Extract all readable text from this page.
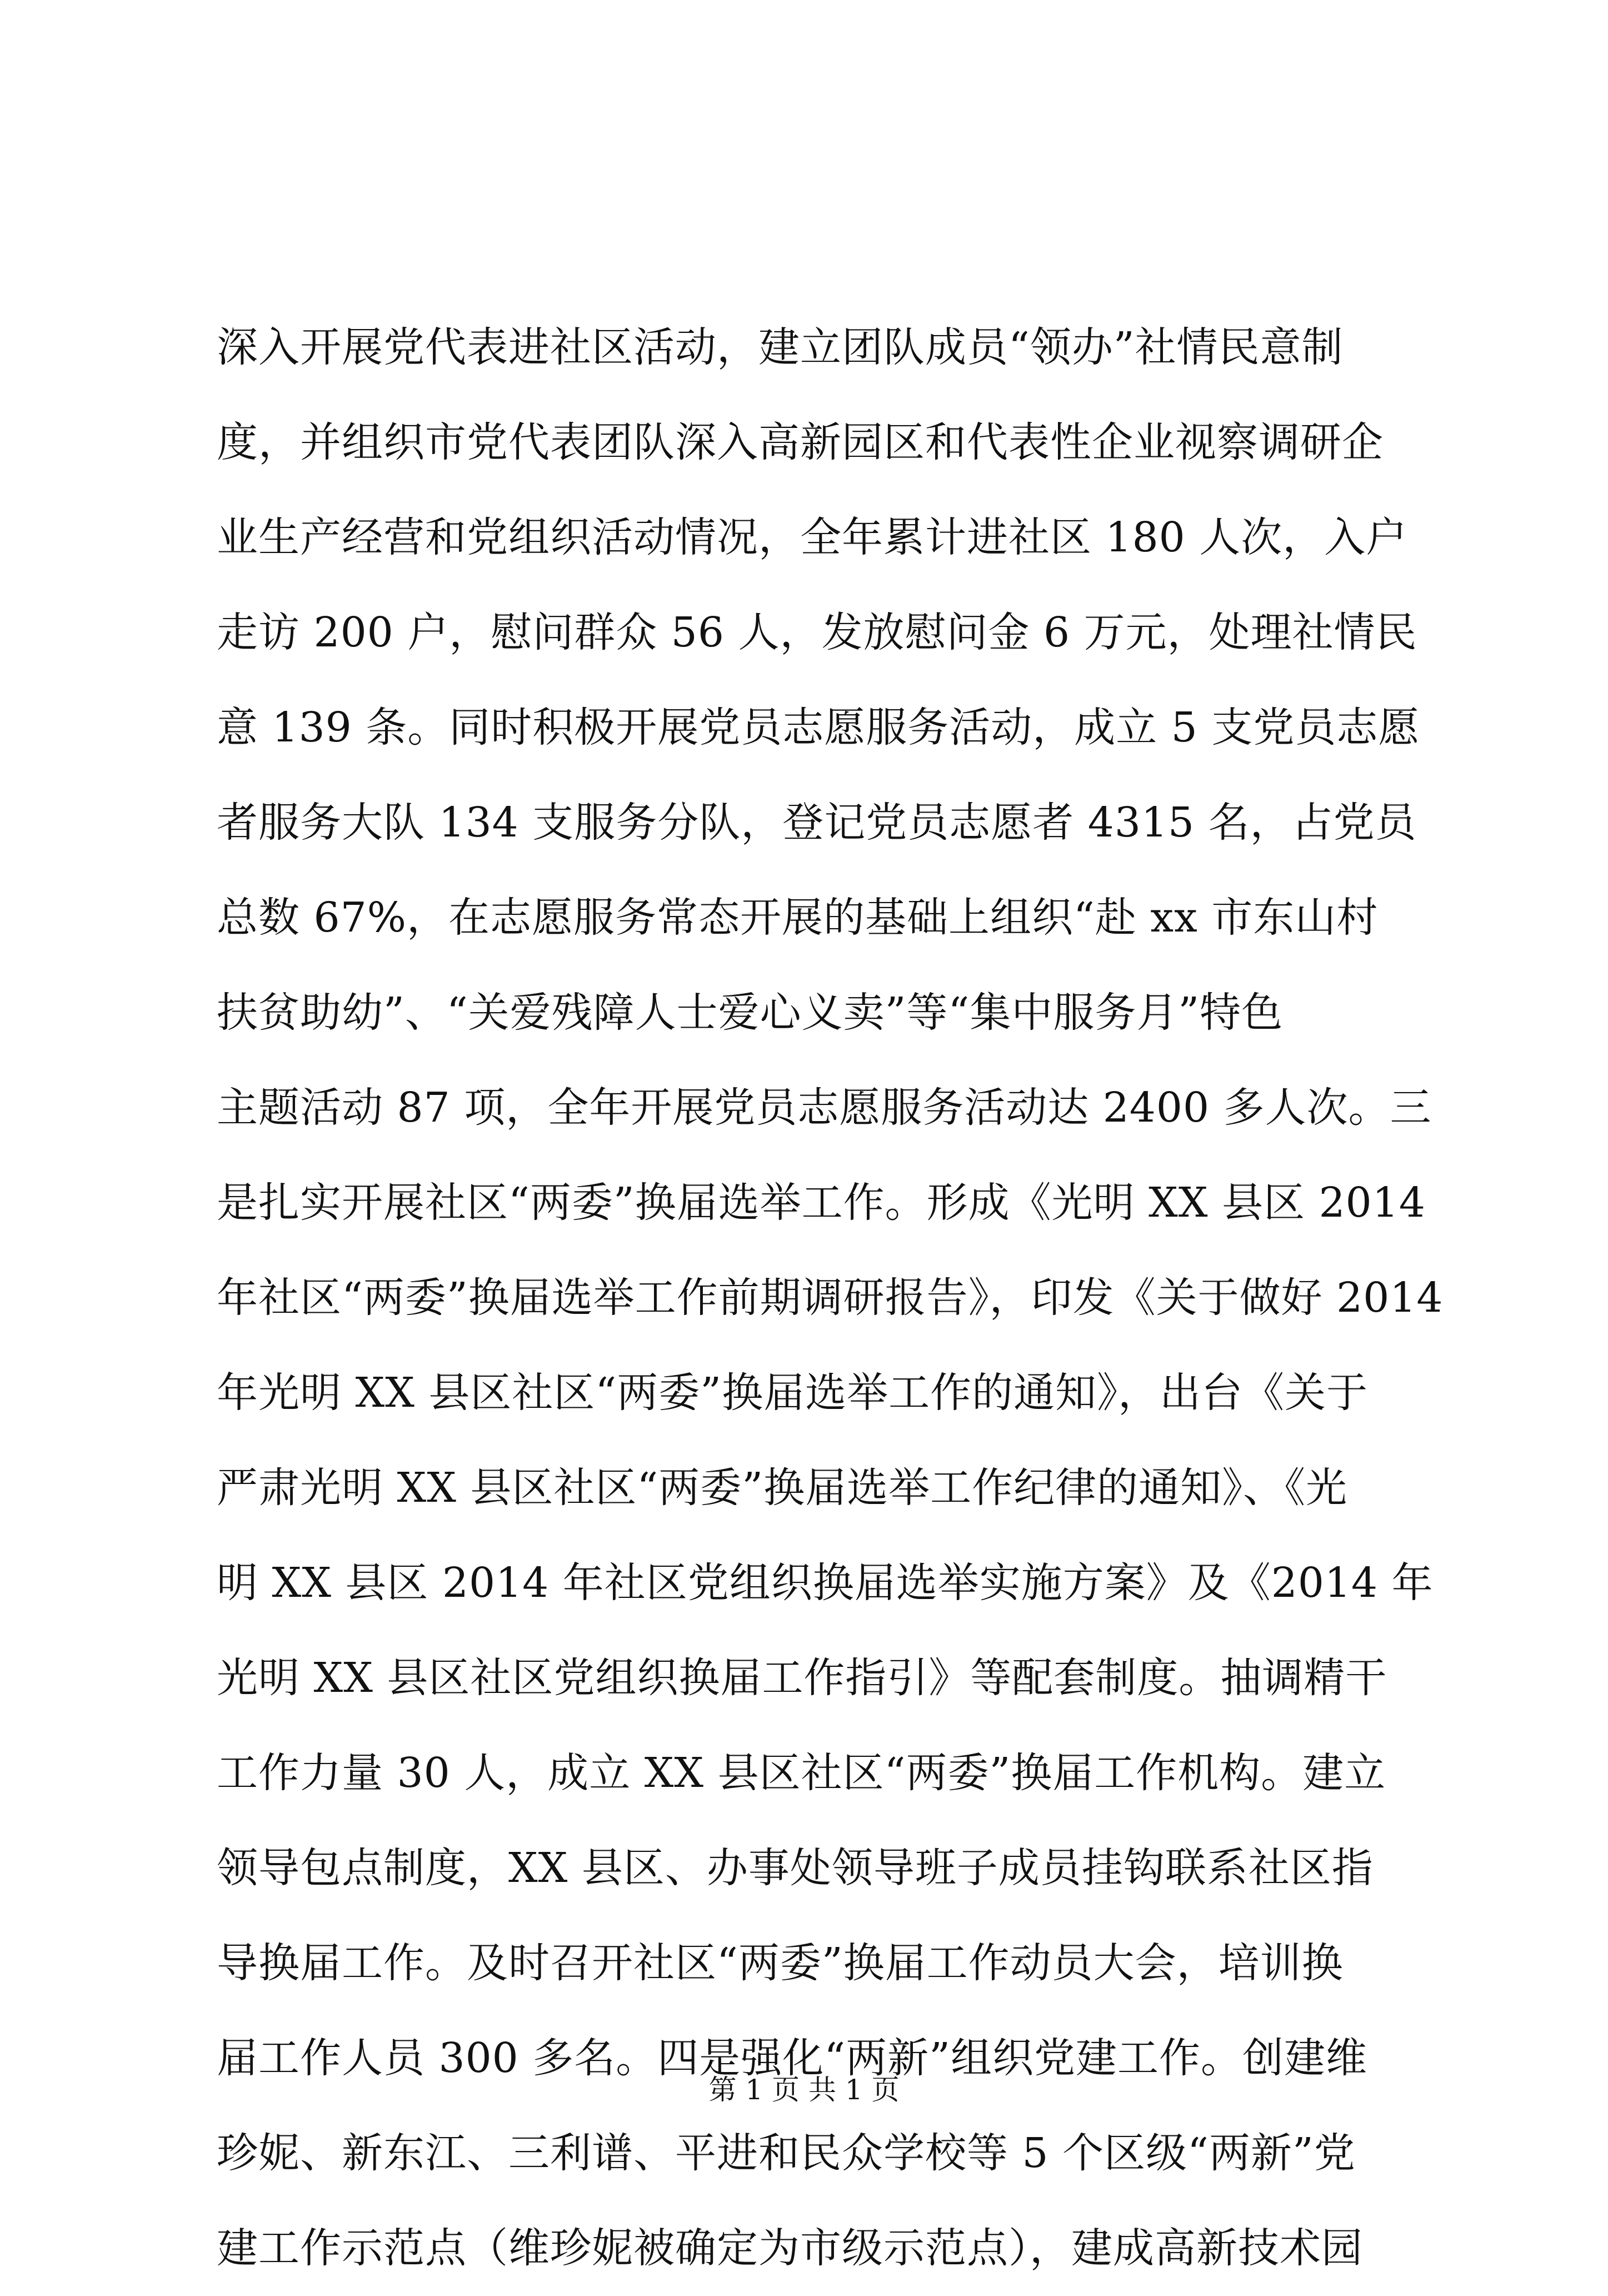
深入开展党代表进社区活动，建立团队成员“领办”社情民意制
度，并组织市党代表团队深入高新园区和代表性企业视察调研企
业生产经营和党组织活动情况，全年累计进社区 180 人次，入户
走访 200 户，慰问群众 56 人，发放慰问金 6 万元，处理社情民
意 139 条。同时积极开展党员志愿服务活动，成立 5 支党员志愿
者服务大队 134 支服务分队，登记党员志愿者 4315 名，占党员
总数 67%，在志愿服务常态开展的基础上组织“赴 xx 市东山村
扶贫助幼”、“关爱残障人士爱心义卖”等“集中服务月”特色
主题活动 87 项，全年开展党员志愿服务活动达 2400 多人次。三
是扎实开展社区“两委”换届选举工作。形成《光明 XX 县区 2014
年社区“两委”换届选举工作前期调研报告》，印发《关于做好 2014
年光明 XX 县区社区“两委”换届选举工作的通知》，出台《关于
严肃光明 XX 县区社区“两委”换届选举工作纪律的通知》、《光
明 XX 县区 2014 年社区党组织换届选举实施方案》及《2014 年
光明 XX 县区社区党组织换届工作指引》等配套制度。抽调精干
工作力量 30 人，成立 XX 县区社区“两委”换届工作机构。建立
领导包点制度，XX 县区、办事处领导班子成员挂钩联系社区指
导换届工作。及时召开社区“两委”换届工作动员大会，培训换
届工作人员 300 多名。四是强化“两新”组织党建工作。创建维
珍妮、新东江、三利谱、平进和民众学校等 5 个区级“两新”党
建工作示范点（维珍妮被确定为市级示范点），建成高新技术园
第 1 页 共 1 页
